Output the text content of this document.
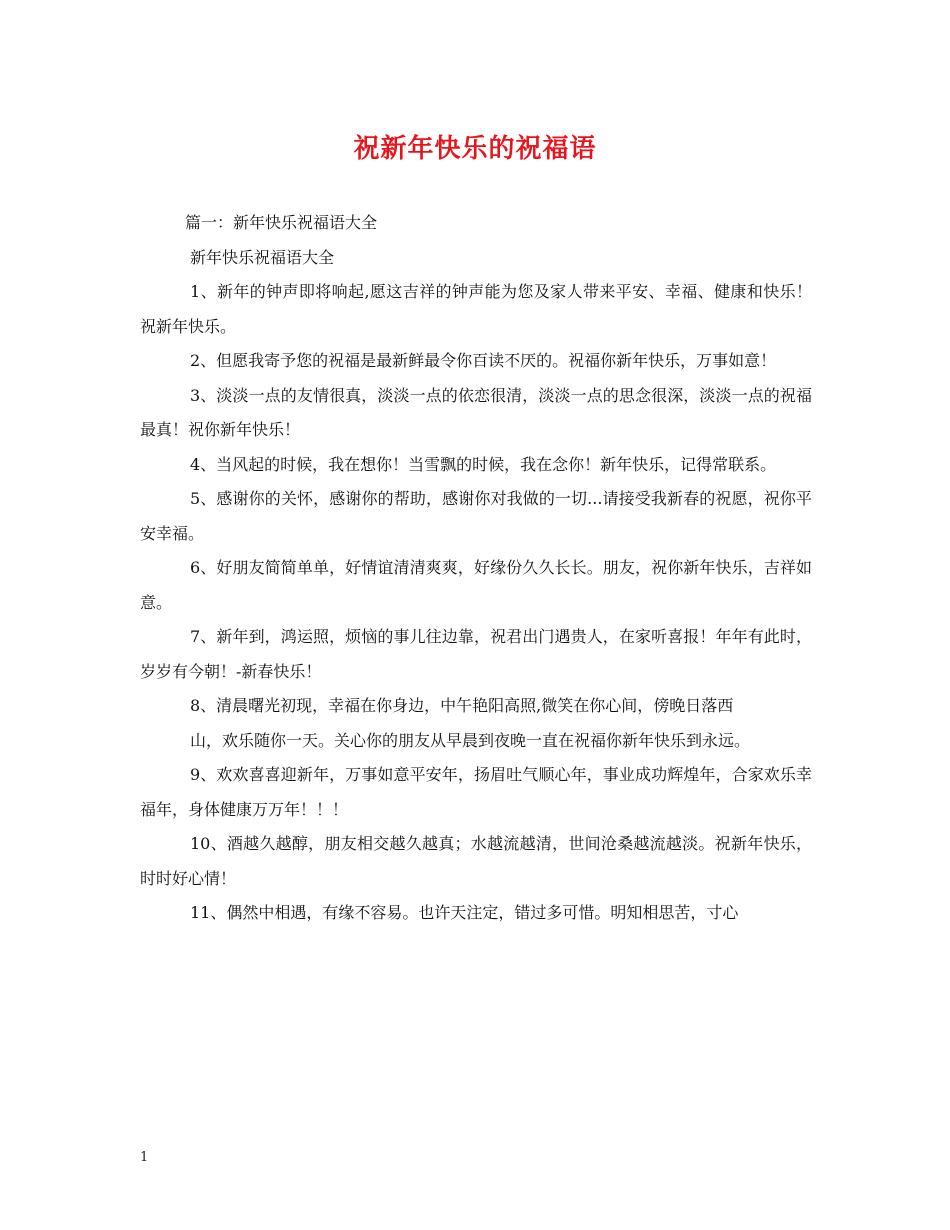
祝新年快乐的祝福语

篇一：新年快乐祝福语大全

新年快乐祝福语大全

1、新年的钟声即将响起,愿这吉祥的钟声能为您及家人带来平安、幸福、健康和快乐！祝新年快乐。

2、但愿我寄予您的祝福是最新鲜最令你百读不厌的。祝福你新年快乐，万事如意！

3、淡淡一点的友情很真，淡淡一点的依恋很清，淡淡一点的思念很深，淡淡一点的祝福最真！祝你新年快乐！

4、当风起的时候，我在想你！当雪飘的时候，我在念你！新年快乐，记得常联系。

5、感谢你的关怀，感谢你的帮助，感谢你对我做的一切...请接受我新春的祝愿，祝你平安幸福。

6、好朋友简简单单，好情谊清清爽爽，好缘份久久长长。朋友，祝你新年快乐，吉祥如意。

7、新年到，鸿运照，烦恼的事儿往边靠，祝君出门遇贵人，在家听喜报！年年有此时，岁岁有今朝！-新春快乐！

8、清晨曙光初现，幸福在你身边，中午艳阳高照,微笑在你心间，傍晚日落西

山，欢乐随你一天。关心你的朋友从早晨到夜晚一直在祝福你新年快乐到永远。

9、欢欢喜喜迎新年，万事如意平安年，扬眉吐气顺心年，事业成功辉煌年，合家欢乐幸福年，身体健康万万年！！！

10、酒越久越醇，朋友相交越久越真；水越流越清，世间沧桑越流越淡。祝新年快乐，时时好心情！

11、偶然中相遇，有缘不容易。也许天注定，错过多可惜。明知相思苦，寸心

1
